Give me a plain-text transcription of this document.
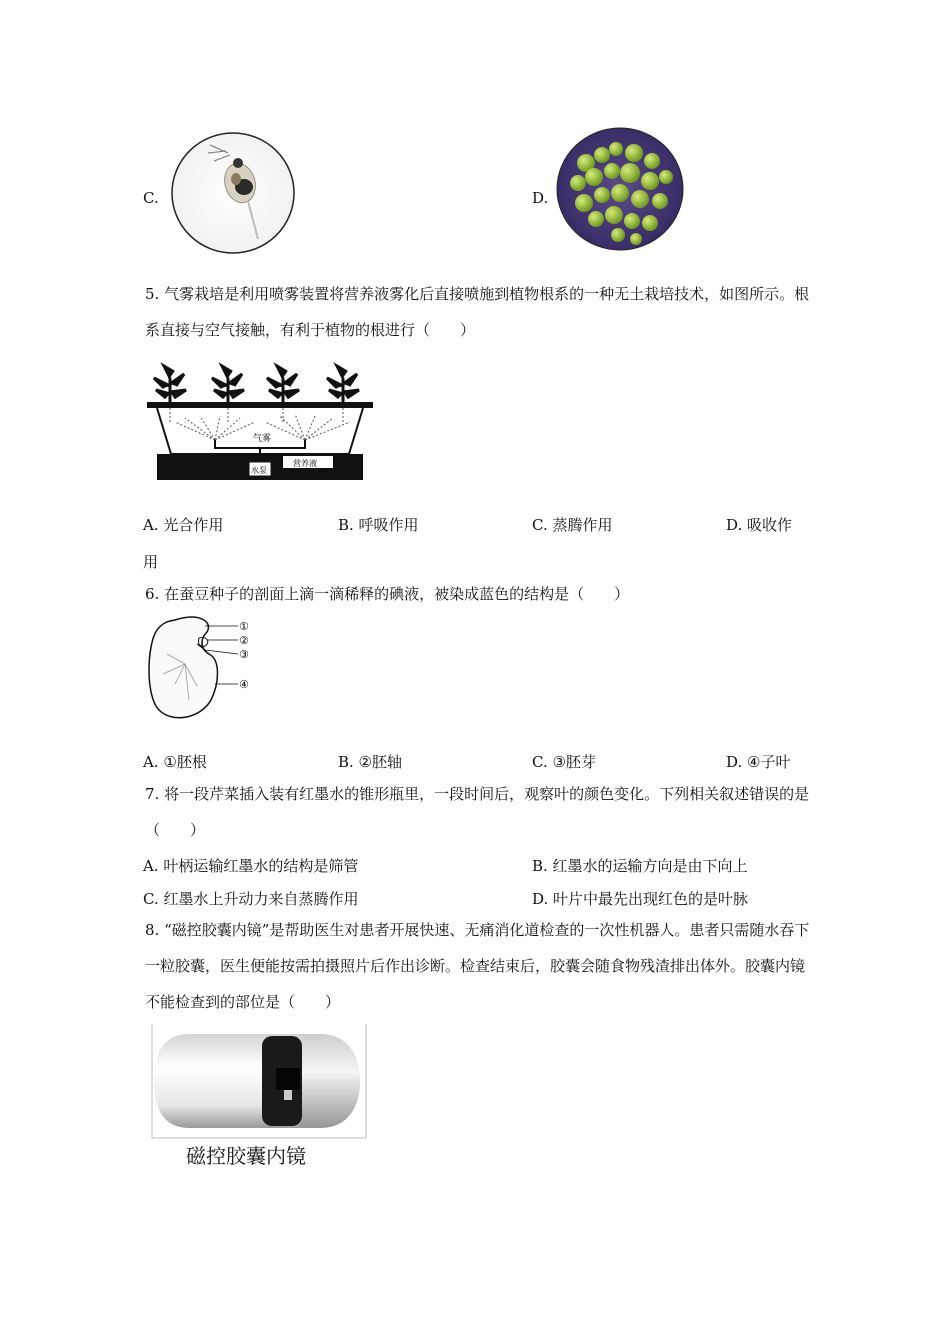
C.	D.
5. 气雾栽培是利用喷雾装置将营养液雾化后直接喷施到植物根系的一种无土栽培技术，如图所示。根系直接与空气接触，有利于植物的根进行（　　）
气雾
水泵
营养液
A. 光合作用	B. 呼吸作用	C. 蒸腾作用	D. 吸收作
用
6. 在蚕豆种子的剖面上滴一滴稀释的碘液，被染成蓝色的结构是（　　）
①
②
③
④
A. ①胚根	B. ②胚轴	C. ③胚芽	D. ④子叶
7. 将一段芹菜插入装有红墨水的锥形瓶里，一段时间后，观察叶的颜色变化。下列相关叙述错误的是（　　）
A. 叶柄运输红墨水的结构是筛管	B. 红墨水的运输方向是由下向上
C. 红墨水上升动力来自蒸腾作用	D. 叶片中最先出现红色的是叶脉
8. “磁控胶囊内镜”是帮助医生对患者开展快速、无痛消化道检查的一次性机器人。患者只需随水吞下一粒胶囊，医生便能按需拍摄照片后作出诊断。检查结束后，胶囊会随食物残渣排出体外。胶囊内镜不能检查到的部位是（　　）
磁控胶囊内镜
